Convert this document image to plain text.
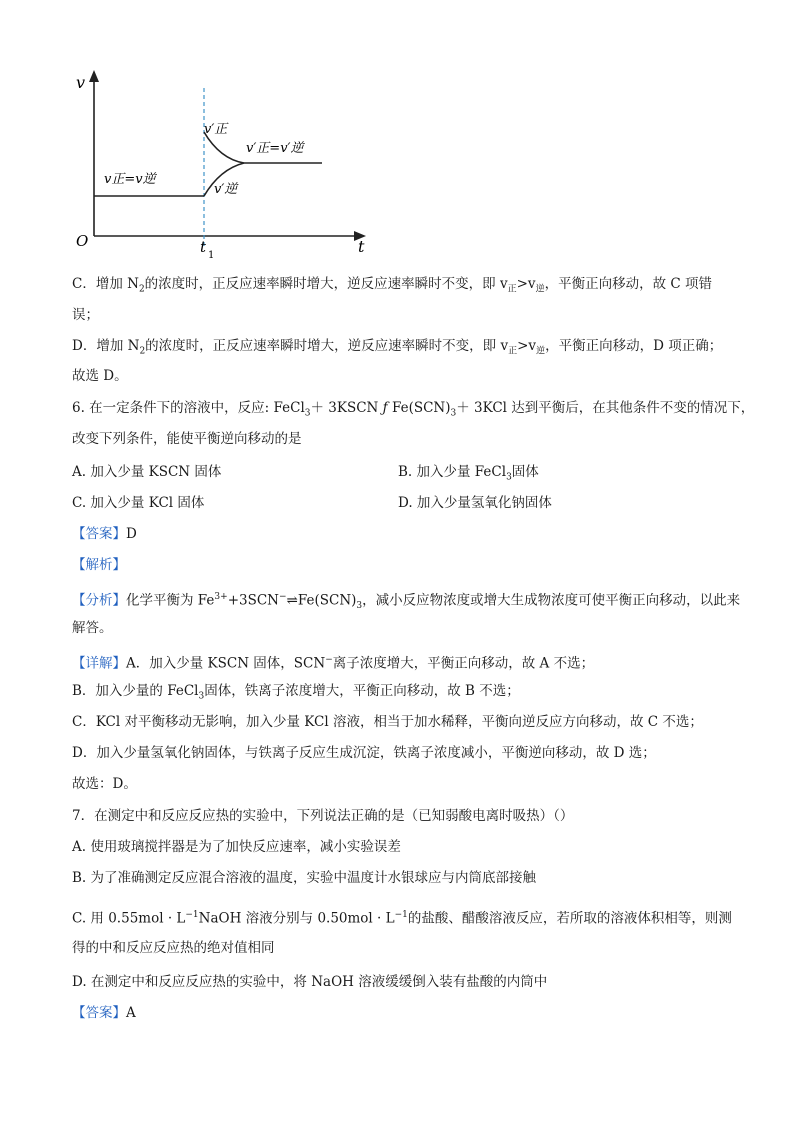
v
t
O	t 1
v正=v逆
v′正
v′逆
v′正=v′逆
C．增加 $N_2$的浓度时，正反应速率瞬时增大，逆反应速率瞬时不变，即 $v_正>v_逆$，平衡正向移动，故 C 项错
误；
D．增加 $N_2$的浓度时，正反应速率瞬时增大，逆反应速率瞬时不变，即 $v_正>v_逆$，平衡正向移动，D 项正确；
故选 D。
6. 在一定条件下的溶液中，反应: FeCl$_3$＋ 3KSCN ƒ $Fe(SCN)_3+ 3KCl$ 达到平衡后，在其他条件不变的情况下，
改变下列条件，能使平衡逆向移动的是
A. 加入少量 KSCN 固体	B. 加入少量 FeCl$_3$固体
C. 加入少量 KCl 固体	D. 加入少量氢氧化钠固体
【答案】D
【解析】
【分析】化学平衡为 $Fe^{3+}+3SCN^-\rightleftharpoons Fe(SCN)_3$，减小反应物浓度或增大生成物浓度可使平衡正向移动，以此来
解答。
【详解】A．加入少量 KSCN 固体，SCN−离子浓度增大，平衡正向移动，故 A 不选；
B．加入少量的 FeCl$_3$固体，铁离子浓度增大，平衡正向移动，故 B 不选；
C．KCl 对平衡移动无影响，加入少量 KCl 溶液，相当于加水稀释，平衡向逆反应方向移动，故 C 不选；
D．加入少量氢氧化钠固体，与铁离子反应生成沉淀，铁离子浓度减小，平衡逆向移动，故 D 选；
故选：D。
7．在测定中和反应反应热的实验中，下列说法正确的是（已知弱酸电离时吸热）（）
A. 使用玻璃搅拌器是为了加快反应速率，减小实验误差
B. 为了准确测定反应混合溶液的温度，实验中温度计水银球应与内筒底部接触
C. 用 $0.55mol \cdot L^{-1}NaOH$ 溶液分别与 $0.50mol \cdot L^{-1}$的盐酸、醋酸溶液反应，若所取的溶液体积相等，则测
得的中和反应反应热的绝对值相同
D. 在测定中和反应反应热的实验中，将 NaOH 溶液缓缓倒入装有盐酸的内筒中
【答案】A
